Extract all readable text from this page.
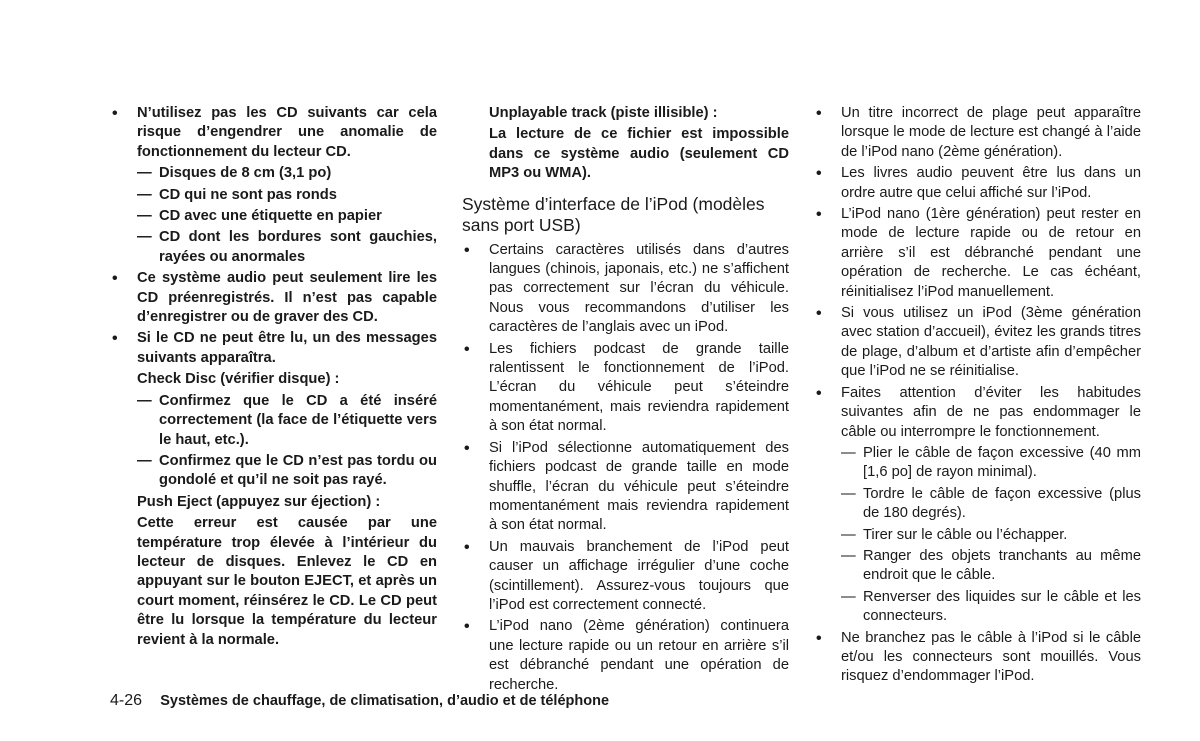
• N’utilisez pas les CD suivants car cela risque d’engendrer une anomalie de fonctionnement du lecteur CD.
— Disques de 8 cm (3,1 po)
— CD qui ne sont pas ronds
— CD avec une étiquette en papier
— CD dont les bordures sont gauchies, rayées ou anormales
• Ce système audio peut seulement lire les CD préenregistrés. Il n’est pas capable d’enregistrer ou de graver des CD.
• Si le CD ne peut être lu, un des messages suivants apparaîtra.
Check Disc (vérifier disque) :
— Confirmez que le CD a été inséré correctement (la face de l’étiquette vers le haut, etc.).
— Confirmez que le CD n’est pas tordu ou gondolé et qu’il ne soit pas rayé.
Push Eject (appuyez sur éjection) :
Cette erreur est causée par une température trop élevée à l’intérieur du lecteur de disques. Enlevez le CD en appuyant sur le bouton EJECT, et après un court moment, réinsérez le CD. Le CD peut être lu lorsque la température du lecteur revient à la normale.
Unplayable track (piste illisible) :
La lecture de ce fichier est impossible dans ce système audio (seulement CD MP3 ou WMA).
Système d’interface de l’iPod (modèles sans port USB)
• Certains caractères utilisés dans d’autres langues (chinois, japonais, etc.) ne s’affichent pas correctement sur l’écran du véhicule. Nous vous recommandons d’utiliser les caractères de l’anglais avec un iPod.
• Les fichiers podcast de grande taille ralentissent le fonctionnement de l’iPod. L’écran du véhicule peut s’éteindre momentanément, mais reviendra rapidement à son état normal.
• Si l’iPod sélectionne automatiquement des fichiers podcast de grande taille en mode shuffle, l’écran du véhicule peut s’éteindre momentanément mais reviendra rapidement à son état normal.
• Un mauvais branchement de l’iPod peut causer un affichage irrégulier d’une coche (scintillement). Assurez-vous toujours que l’iPod est correctement connecté.
• L’iPod nano (2ème génération) continuera une lecture rapide ou un retour en arrière s’il est débranché pendant une opération de recherche.
• Un titre incorrect de plage peut apparaître lorsque le mode de lecture est changé à l’aide de l’iPod nano (2ème génération).
• Les livres audio peuvent être lus dans un ordre autre que celui affiché sur l’iPod.
• L’iPod nano (1ère génération) peut rester en mode de lecture rapide ou de retour en arrière s’il est débranché pendant une opération de recherche. Le cas échéant, réinitialisez l’iPod manuellement.
• Si vous utilisez un iPod (3ème génération avec station d’accueil), évitez les grands titres de plage, d’album et d’artiste afin d’empêcher que l’iPod ne se réinitialise.
• Faites attention d’éviter les habitudes suivantes afin de ne pas endommager le câble ou interrompre le fonctionnement.
— Plier le câble de façon excessive (40 mm [1,6 po] de rayon minimal).
— Tordre le câble de façon excessive (plus de 180 degrés).
— Tirer sur le câble ou l’échapper.
— Ranger des objets tranchants au même endroit que le câble.
— Renverser des liquides sur le câble et les connecteurs.
• Ne branchez pas le câble à l’iPod si le câble et/ou les connecteurs sont mouillés. Vous risquez d’endommager l’iPod.
4-26 Systèmes de chauffage, de climatisation, d’audio et de téléphone
